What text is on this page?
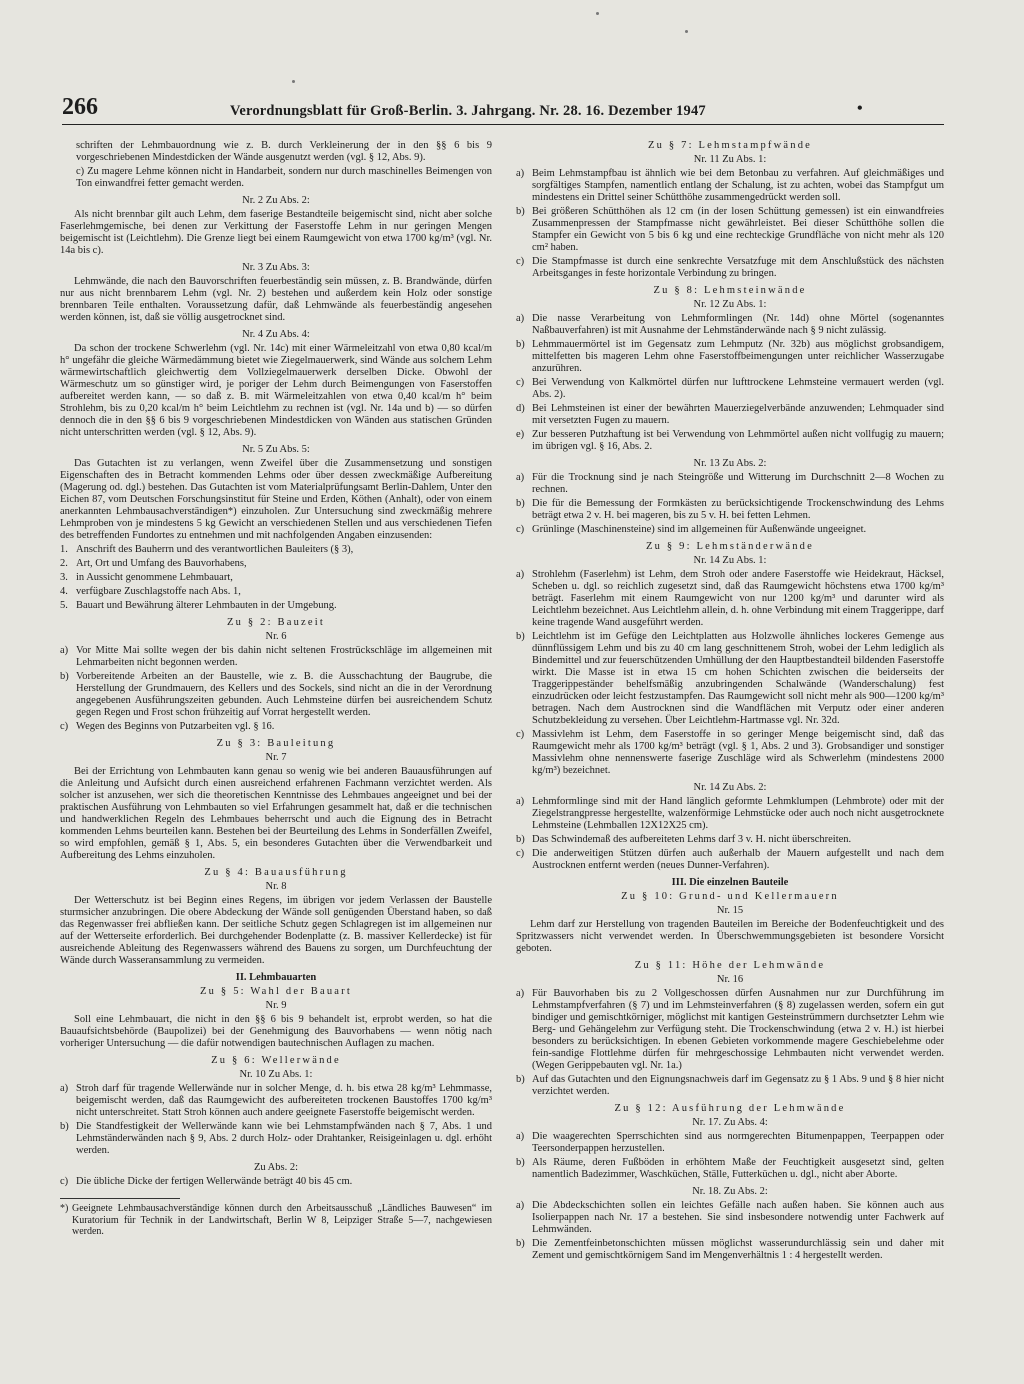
266	Verordnungsblatt für Groß-Berlin. 3. Jahrgang. Nr. 28. 16. Dezember 1947	•

schriften der Lehmbauordnung wie z. B. durch Verkleinerung der in den §§ 6 bis 9 vorgeschriebenen Mindestdicken der Wände ausgenutzt werden (vgl. § 12, Abs. 9).

c) Zu magere Lehme können nicht in Handarbeit, sondern nur durch maschinelles Beimengen von Ton einwandfrei fetter gemacht werden.

Nr. 2 Zu Abs. 2:

Als nicht brennbar gilt auch Lehm, dem faserige Bestandteile beigemischt sind, nicht aber solche Faserlehmgemische, bei denen zur Verkittung der Faserstoffe Lehm in nur geringen Mengen beigemischt ist (Leichtlehm). Die Grenze liegt bei einem Raumgewicht von etwa 1700 kg/m³ (vgl. Nr. 14a bis c).

Nr. 3 Zu Abs. 3:

Lehmwände, die nach den Bauvorschriften feuerbeständig sein müssen, z. B. Brandwände, dürfen nur aus nicht brennbarem Lehm (vgl. Nr. 2) bestehen und außerdem kein Holz oder sonstige brennbaren Teile enthalten. Voraussetzung dafür, daß Lehmwände als feuerbeständig angesehen werden können, ist, daß sie völlig ausgetrocknet sind.

Nr. 4 Zu Abs. 4:

Da schon der trockene Schwerlehm (vgl. Nr. 14c) mit einer Wärmeleitzahl von etwa 0,80 kcal/m h° ungefähr die gleiche Wärmedämmung bietet wie Ziegelmauerwerk, sind Wände aus solchem Lehm wärmewirtschaftlich gleichwertig dem Vollziegelmauerwerk derselben Dicke. Obwohl der Wärmeschutz um so günstiger wird, je poriger der Lehm durch Beimengungen von Faserstoffen aufbereitet werden kann, — so daß z. B. mit Wärmeleitzahlen von etwa 0,40 kcal/m h° beim Strohlehm, bis zu 0,20 kcal/m h° beim Leichtlehm zu rechnen ist (vgl. Nr. 14a und b) — so dürfen dennoch die in den §§ 6 bis 9 vorgeschriebenen Mindestdicken von Wänden aus statischen Gründen nicht unterschritten werden (vgl. § 12, Abs. 9).

Nr. 5 Zu Abs. 5:

Das Gutachten ist zu verlangen, wenn Zweifel über die Zusammensetzung und sonstigen Eigenschaften des in Betracht kommenden Lehms oder über dessen zweckmäßige Aufbereitung (Magerung od. dgl.) bestehen. Das Gutachten ist vom Materialprüfungsamt Berlin-Dahlem, Unter den Eichen 87, vom Deutschen Forschungsinstitut für Steine und Erden, Köthen (Anhalt), oder von einem anerkannten Lehmbausachverständigen*) einzuholen. Zur Untersuchung sind zweckmäßig mehrere Lehmproben von je mindestens 5 kg Gewicht an verschiedenen Stellen und aus verschiedenen Tiefen des betreffenden Fundortes zu entnehmen und mit nachfolgenden Angaben einzusenden:

1. Anschrift des Bauherrn und des verantwortlichen Bauleiters (§ 3),
2. Art, Ort und Umfang des Bauvorhabens,
3. in Aussicht genommene Lehmbauart,
4. verfügbare Zuschlagstoffe nach Abs. 1,
5. Bauart und Bewährung älterer Lehmbauten in der Umgebung.
Zu § 2: Bauzeit
Nr. 6
a) Vor Mitte Mai sollte wegen der bis dahin nicht seltenen Frostrückschläge im allgemeinen mit Lehmarbeiten nicht begonnen werden.
b) Vorbereitende Arbeiten an der Baustelle, wie z. B. die Ausschachtung der Baugrube, die Herstellung der Grundmauern, des Kellers und des Sockels, sind nicht an die in der Verordnung angegebenen Ausführungszeiten gebunden. Auch Lehmsteine dürfen bei ausreichendem Schutz gegen Regen und Frost schon frühzeitig auf Vorrat hergestellt werden.
c) Wegen des Beginns von Putzarbeiten vgl. § 16.
Zu § 3: Bauleitung
Nr. 7

Bei der Errichtung von Lehmbauten kann genau so wenig wie bei anderen Bauausführungen auf die Anleitung und Aufsicht durch einen ausreichend erfahrenen Fachmann verzichtet werden. Als solcher ist anzusehen, wer sich die theoretischen Kenntnisse des Lehmbaues angeeignet und bei der praktischen Ausführung von Lehmbauten so viel Erfahrungen gesammelt hat, daß er die technischen und handwerklichen Regeln des Lehmbaues beherrscht und auch die Eignung des in Betracht kommenden Lehms beurteilen kann. Bestehen bei der Beurteilung des Lehms in Sonderfällen Zweifel, so wird empfohlen, gemäß § 1, Abs. 5, ein besonderes Gutachten über die Verwendbarkeit und Aufbereitung des Lehms einzuholen.

Zu § 4: Bauausführung
Nr. 8

Der Wetterschutz ist bei Beginn eines Regens, im übrigen vor jedem Verlassen der Baustelle sturmsicher anzubringen. Die obere Abdeckung der Wände soll genügenden Überstand haben, so daß das Regenwasser frei abfließen kann. Der seitliche Schutz gegen Schlagregen ist im allgemeinen nur auf der Wetterseite erforderlich. Bei durchgehender Bodenplatte (z. B. massiver Kellerdecke) ist für ausreichende Ableitung des Regenwassers während des Bauens zu sorgen, um Durchfeuchtung der Wände durch Wasseransammlung zu vermeiden.

II. Lehmbauarten
Zu § 5: Wahl der Bauart
Nr. 9

Soll eine Lehmbauart, die nicht in den §§ 6 bis 9 behandelt ist, erprobt werden, so hat die Bauaufsichtsbehörde (Baupolizei) bei der Genehmigung des Bauvorhabens — wenn nötig nach vorheriger Untersuchung — die dafür notwendigen bautechnischen Auflagen zu machen.

Zu § 6: Wellerwände
Nr. 10 Zu Abs. 1:
a) Stroh darf für tragende Wellerwände nur in solcher Menge, d. h. bis etwa 28 kg/m³ Lehmmasse, beigemischt werden, daß das Raumgewicht des aufbereiteten trockenen Baustoffes 1700 kg/m³ nicht unterschreitet. Statt Stroh können auch andere geeignete Faserstoffe beigemischt werden.
b) Die Standfestigkeit der Wellerwände kann wie bei Lehmstampfwänden nach § 7, Abs. 1 und Lehmständerwänden nach § 9, Abs. 2 durch Holz- oder Drahtanker, Reisigeinlagen u. dgl. erhöht werden.
Zu Abs. 2:
c) Die übliche Dicke der fertigen Wellerwände beträgt 40 bis 45 cm.
*) Geeignete Lehmbausachverständige können durch den Arbeitsausschuß „Ländliches Bauwesen“ im Kuratorium für Technik in der Landwirtschaft, Berlin W 8, Leipziger Straße 5—7, nachgewiesen werden.
Zu § 7: Lehmstampfwände
Nr. 11 Zu Abs. 1:
a) Beim Lehmstampfbau ist ähnlich wie bei dem Betonbau zu verfahren. Auf gleichmäßiges und sorgfältiges Stampfen, namentlich entlang der Schalung, ist zu achten, wobei das Stampfgut um mindestens ein Drittel seiner Schütthöhe zusammengedrückt werden soll.
b) Bei größeren Schütthöhen als 12 cm (in der losen Schüttung gemessen) ist ein einwandfreies Zusammenpressen der Stampfmasse nicht gewährleistet. Bei dieser Schütthöhe sollen die Stampfer ein Gewicht von 5 bis 6 kg und eine rechteckige Grundfläche von nicht mehr als 120 cm² haben.
c) Die Stampfmasse ist durch eine senkrechte Versatzfuge mit dem Anschlußstück des nächsten Arbeitsganges in feste horizontale Verbindung zu bringen.
Zu § 8: Lehmsteinwände
Nr. 12 Zu Abs. 1:
a) Die nasse Verarbeitung von Lehmformlingen (Nr. 14d) ohne Mörtel (sogenanntes Naßbauverfahren) ist mit Ausnahme der Lehmständerwände nach § 9 nicht zulässig.
b) Lehmmauermörtel ist im Gegensatz zum Lehmputz (Nr. 32b) aus möglichst grobsandigem, mittelfetten bis mageren Lehm ohne Faserstoffbeimengungen unter reichlicher Wasserzugabe anzurühren.
c) Bei Verwendung von Kalkmörtel dürfen nur lufttrockene Lehmsteine vermauert werden (vgl. Abs. 2).
d) Bei Lehmsteinen ist einer der bewährten Mauerziegelverbände anzuwenden; Lehmquader sind mit versetzten Fugen zu mauern.
e) Zur besseren Putzhaftung ist bei Verwendung von Lehmmörtel außen nicht vollfugig zu mauern; im übrigen vgl. § 16, Abs. 2.
Nr. 13 Zu Abs. 2:
a) Für die Trocknung sind je nach Steingröße und Witterung im Durchschnitt 2—8 Wochen zu rechnen.
b) Die für die Bemessung der Formkästen zu berücksichtigende Trockenschwindung des Lehms beträgt etwa 2 v. H. bei mageren, bis zu 5 v. H. bei fetten Lehmen.
c) Grünlinge (Maschinensteine) sind im allgemeinen für Außenwände ungeeignet.
Zu § 9: Lehmständerwände
Nr. 14 Zu Abs. 1:
a) Strohlehm (Faserlehm) ist Lehm, dem Stroh oder andere Faserstoffe wie Heidekraut, Häcksel, Scheben u. dgl. so reichlich zugesetzt sind, daß das Raumgewicht höchstens etwa 1700 kg/m³ beträgt. Faserlehm mit einem Raumgewicht von nur 1200 kg/m³ und darunter wird als Leichtlehm bezeichnet. Aus Leichtlehm allein, d. h. ohne Verbindung mit einem Traggerippe, darf keine tragende Wand ausgeführt werden.
b) Leichtlehm ist im Gefüge den Leichtplatten aus Holzwolle ähnliches lockeres Gemenge aus dünnflüssigem Lehm und bis zu 40 cm lang geschnittenem Stroh, wobei der Lehm lediglich als Bindemittel und zur feuerschützenden Umhüllung der den Hauptbestandteil bildenden Faserstoffe wirkt. Die Masse ist in etwa 15 cm hohen Schichten zwischen die beiderseits der Traggerippeständer behelfsmäßig anzubringenden Schalwände (Wanderschalung) fest einzudrücken oder leicht festzustampfen. Das Raumgewicht soll nicht mehr als 900—1200 kg/m³ betragen. Nach dem Austrocknen sind die Wandflächen mit Verputz oder einer anderen Schutzbekleidung zu versehen. Über Leichtlehm-Hartmasse vgl. Nr. 32d.
c) Massivlehm ist Lehm, dem Faserstoffe in so geringer Menge beigemischt sind, daß das Raumgewicht mehr als 1700 kg/m³ beträgt (vgl. § 1, Abs. 2 und 3). Grobsandiger und sonstiger Massivlehm ohne nennenswerte faserige Zuschläge wird als Schwerlehm (mindestens 2000 kg/m³) bezeichnet.
Nr. 14 Zu Abs. 2:
a) Lehmformlinge sind mit der Hand länglich geformte Lehmklumpen (Lehmbrote) oder mit der Ziegelstrangpresse hergestellte, walzenförmige Lehmstücke oder auch noch nicht ausgetrocknete Lehmsteine (Lehmballen 12X12X25 cm).
b) Das Schwindemaß des aufbereiteten Lehms darf 3 v. H. nicht überschreiten.
c) Die anderweitigen Stützen dürfen auch außerhalb der Mauern aufgestellt und nach dem Austrocknen entfernt werden (neues Dunner-Verfahren).
III. Die einzelnen Bauteile
Zu § 10: Grund- und Kellermauern
Nr. 15

Lehm darf zur Herstellung von tragenden Bauteilen im Bereiche der Bodenfeuchtigkeit und des Spritzwassers nicht verwendet werden. In Überschwemmungsgebieten ist besondere Vorsicht geboten.

Zu § 11: Höhe der Lehmwände
Nr. 16
a) Für Bauvorhaben bis zu 2 Vollgeschossen dürfen Ausnahmen nur zur Durchführung im Lehmstampfverfahren (§ 7) und im Lehmsteinverfahren (§ 8) zugelassen werden, sofern ein gut bindiger und gemischtkörniger, möglichst mit kantigen Gesteinstrümmern durchsetzter Lehm wie Berg- und Gehängelehm zur Verfügung steht. Die Trockenschwindung (etwa 2 v. H.) ist hierbei besonders zu berücksichtigen. In ebenen Gebieten vorkommende magere Geschiebelehme oder fein-sandige Flottlehme dürfen für mehrgeschossige Lehmbauten nicht verwendet werden. (Wegen Gerippebauten vgl. Nr. 1a.)
b) Auf das Gutachten und den Eignungsnachweis darf im Gegensatz zu § 1 Abs. 9 und § 8 hier nicht verzichtet werden.
Zu § 12: Ausführung der Lehmwände
Nr. 17. Zu Abs. 4:
a) Die waagerechten Sperrschichten sind aus normgerechten Bitumenpappen, Teerpappen oder Teersonderpappen herzustellen.
b) Als Räume, deren Fußböden in erhöhtem Maße der Feuchtigkeit ausgesetzt sind, gelten namentlich Badezimmer, Waschküchen, Ställe, Futterküchen u. dgl., nicht aber Aborte.
Nr. 18. Zu Abs. 2:
a) Die Abdeckschichten sollen ein leichtes Gefälle nach außen haben. Sie können auch aus Isolierpappen nach Nr. 17 a bestehen. Sie sind insbesondere notwendig unter Fachwerk auf Lehmwänden.
b) Die Zementfeinbetonschichten müssen möglichst wasserundurchlässig sein und daher mit Zement und gemischtkörnigem Sand im Mengenverhältnis 1 : 4 hergestellt werden.
